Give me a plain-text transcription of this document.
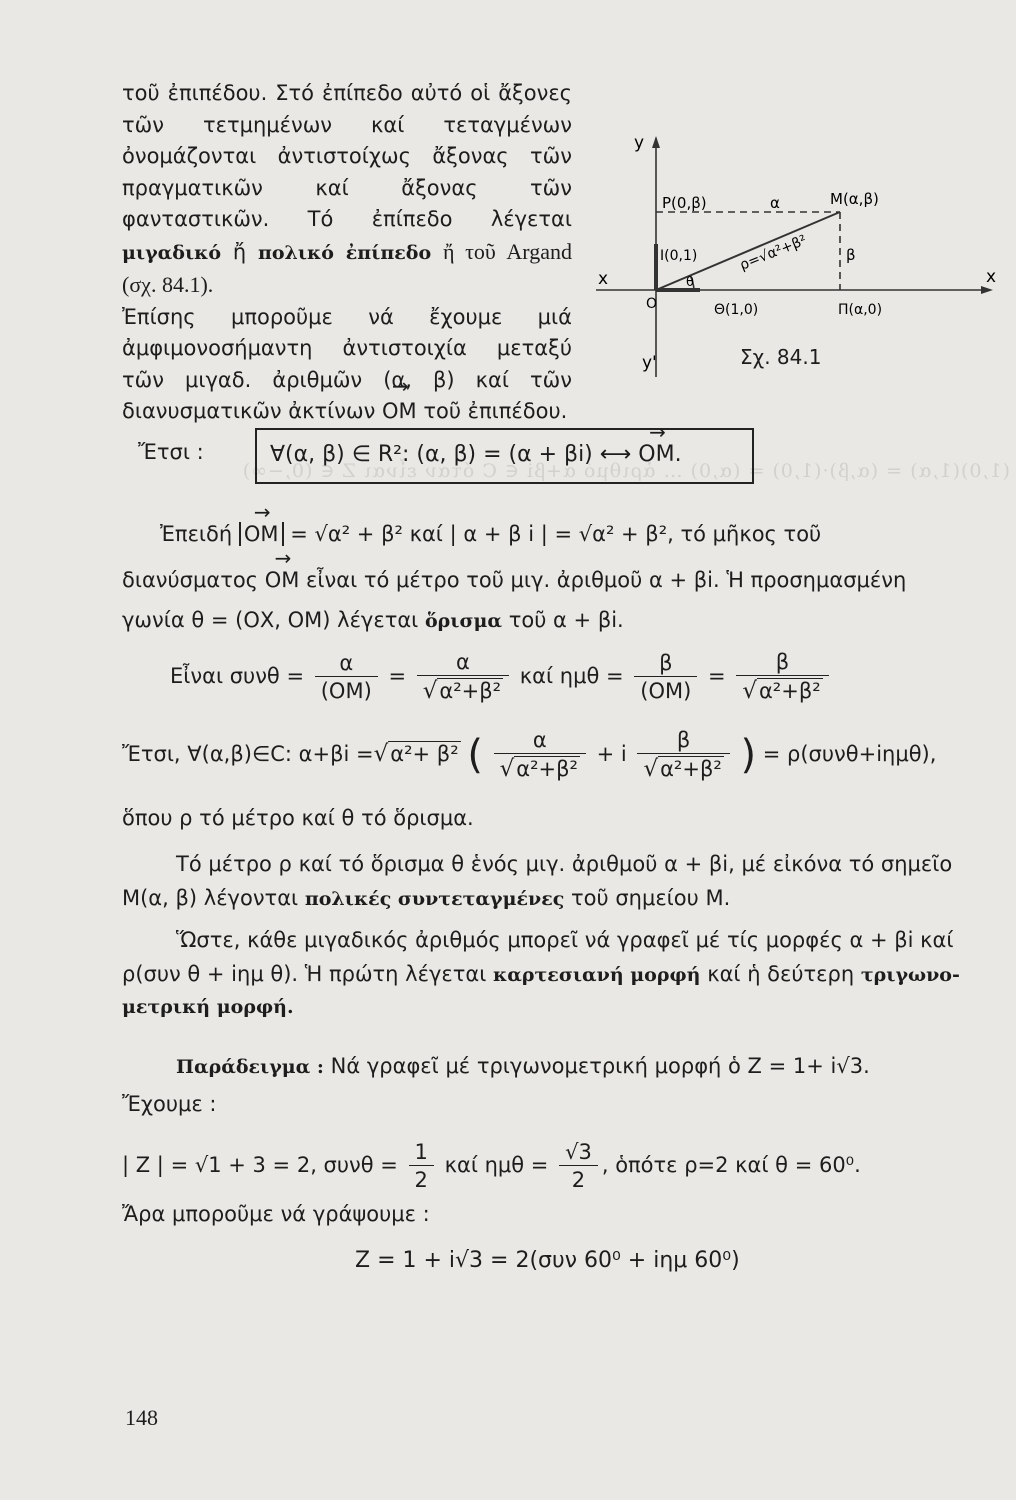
(1,0)(1,α) = (α,β)·(1,0) = (α,0) … ἀριθμό α+βi ∈ C ὅταν εἶναι Z ∈ (0,−∞)

τοῦ ἐπιπέδου. Στό ἐπίπεδο αὐτό οἱ ἄξονες τῶν τετμημένων καί τεταγμένων ὀνομάζονται ἀντιστοίχως ἄξονας τῶν πραγματικῶν καί ἄξονας τῶν φανταστικῶν. Τό ἐπίπεδο λέγεται μιγαδικό ἤ πολικό ἐπίπεδο ἤ τοῦ Argand (σχ. 84.1).

Ἐπίσης μποροῦμε νά ἔχουμε μιά ἀμφιμονοσήμαντη ἀντιστοιχία μεταξύ τῶν μιγαδ. ἀριθμῶν (α, β) καί τῶν διανυσματικῶν ἀκτίνων → ΟΜ τοῦ ἐπιπέδου.

y
y'
x	x
P(0,β)	α	M(α,β)
I(0,1)	ρ=√α²+β² β
θ
O	Θ(1,0)	Π(α,0)
Σχ. 84.1
Ἔτσι :	∀(α, β) ∈ R²: (α, β) = (α + βi) ⟷ → ΟΜ.
Ἐπειδή → ΟΜ = √α² + β² καί | α + β i | = √α² + β², τό μῆκος τοῦ
διανύσματος → ΟΜ εἶναι τό μέτρο τοῦ μιγ. ἀριθμοῦ α + βi. Ἡ προσημασμένη
γωνία θ = (ΟΧ, ΟΜ) λέγεται ὅρισμα τοῦ α + βi.
Εἶναι $\sigma\upsilon\nu\theta = \frac{\alpha}{(OM)} = \frac{\alpha}{\text{√α²+β²}}$ καί $\eta\mu\theta = \frac{\beta}{(OM)} = \frac{\beta}{\text{√α²+β²}}$
Ἔτσι, ∀(α,β)∈C: α+βi =√α²+ β² ( $\frac{\alpha}{\text{√α²+β²}} + i \frac{\beta}{\text{√α²+β²}}$ ) = ρ(συνθ+iημθ),
ὅπου ρ τό μέτρο καί θ τό ὅρισμα.
Τό μέτρο ρ καί τό ὅρισμα θ ἑνός μιγ. ἀριθμοῦ α + βi, μέ εἰκόνα τό σημεῖο
Μ(α, β) λέγονται πολικές συντεταγμένες τοῦ σημείου Μ.
Ὥστε, κάθε μιγαδικός ἀριθμός μπορεῖ νά γραφεῖ μέ τίς μορφές α + βi καί
ρ(συν θ + iημ θ). Ἡ πρώτη λέγεται καρτεσιανή μορφή καί ἡ δεύτερη τριγωνο-
μετρική μορφή.
Παράδειγμα : Νά γραφεῖ μέ τριγωνομετρική μορφή ὁ Z = 1+ i√3.
Ἔχουμε :
| Z | = √1 + 3 = 2, $\sigma\upsilon\nu\theta = \frac{1}{2}$ καί $\eta\mu\theta = \frac{√3}{2}$ , ὁπότε ρ=2 καί θ = 60⁰.
Ἄρα μποροῦμε νά γράψουμε :
Z = 1 + i√3 = 2(συν 60⁰ + iημ 60⁰)
148
